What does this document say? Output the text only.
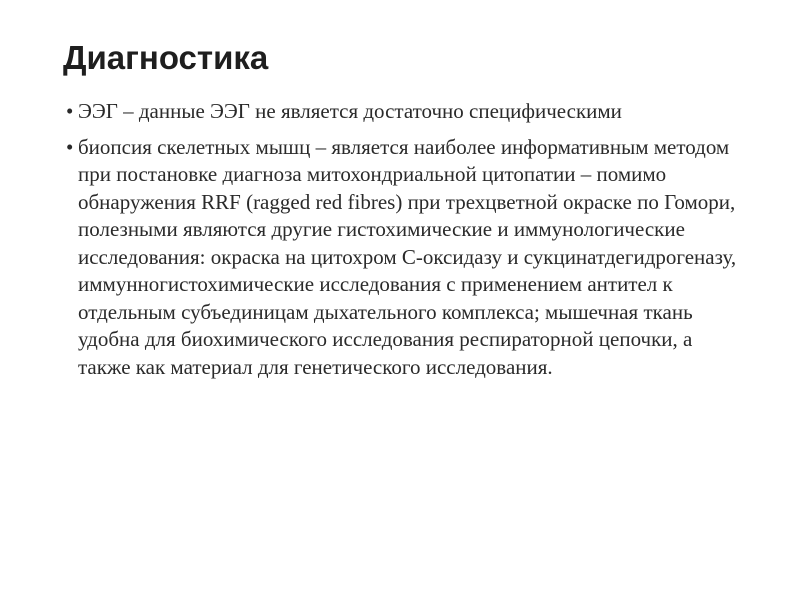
Диагностика
• ЭЭГ – данные ЭЭГ не является достаточно специфическими
• биопсия скелетных мышц – является наиболее информативным методом при постановке диагноза митохондриальной цитопатии – помимо обнаружения RRF (ragged red fibres) при трехцветной окраске по Гомори, полезными являются другие гистохимические и иммунологические исследования: окраска на цитохром С-оксидазу и сукцинатдегидрогеназу, иммунногистохимические исследования с применением антител к отдельным субъединицам дыхательного комплекса; мышечная ткань удобна для биохимического исследования респираторной цепочки, а также как материал для генетического исследования.
